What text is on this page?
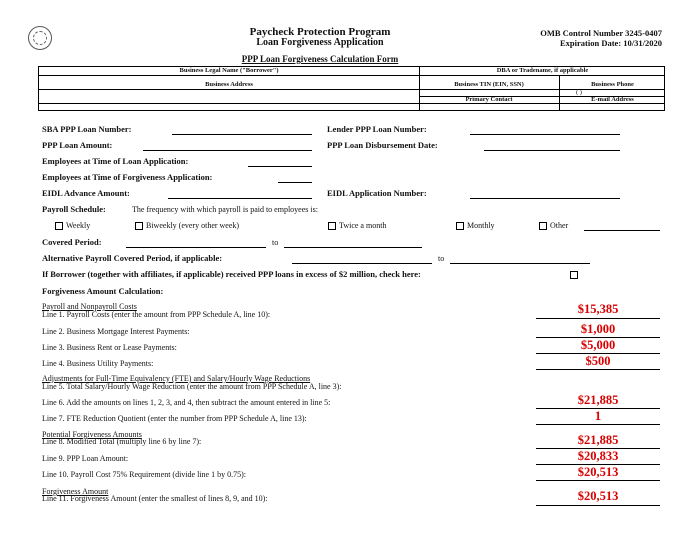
Paycheck Protection Program
Loan Forgiveness Application
OMB Control Number 3245-0407
Expiration Date: 10/31/2020
PPP Loan Forgiveness Calculation Form
Business Legal Name ("Borrower")	DBA or Tradename, if applicable
Business Address	Business TIN (EIN, SSN)	Business Phone
( )
Primary Contact	E-mail Address
SBA PPP Loan Number:	Lender PPP Loan Number:
PPP Loan Amount:	PPP Loan Disbursement Date:
Employees at Time of Loan Application:
Employees at Time of Forgiveness Application:
EIDL Advance Amount:	EIDL Application Number:
Payroll Schedule:	The frequency with which payroll is paid to employees is:
Weekly	Biweekly (every other week)	Twice a month	Monthly	Other
Covered Period:	to
Alternative Payroll Covered Period, if applicable:	to
If Borrower (together with affiliates, if applicable) received PPP loans in excess of $2 million, check here:
Forgiveness Amount Calculation:
Payroll and Nonpayroll Costs
Line 1. Payroll Costs (enter the amount from PPP Schedule A, line 10):	$15,385
Line 2. Business Mortgage Interest Payments:	$1,000
Line 3. Business Rent or Lease Payments:	$5,000
Line 4. Business Utility Payments:	$500
Adjustments for Full-Time Equivalency (FTE) and Salary/Hourly Wage Reductions
Line 5. Total Salary/Hourly Wage Reduction (enter the amount from PPP Schedule A, line 3):
Line 6. Add the amounts on lines 1, 2, 3, and 4, then subtract the amount entered in line 5:	$21,885
Line 7. FTE Reduction Quotient (enter the number from PPP Schedule A, line 13):	1
Potential Forgiveness Amounts
Line 8. Modified Total (multiply line 6 by line 7):	$21,885
Line 9. PPP Loan Amount:	$20,833
Line 10. Payroll Cost 75% Requirement (divide line 1 by 0.75):	$20,513
Forgiveness Amount
Line 11. Forgiveness Amount (enter the smallest of lines 8, 9, and 10):	$20,513
